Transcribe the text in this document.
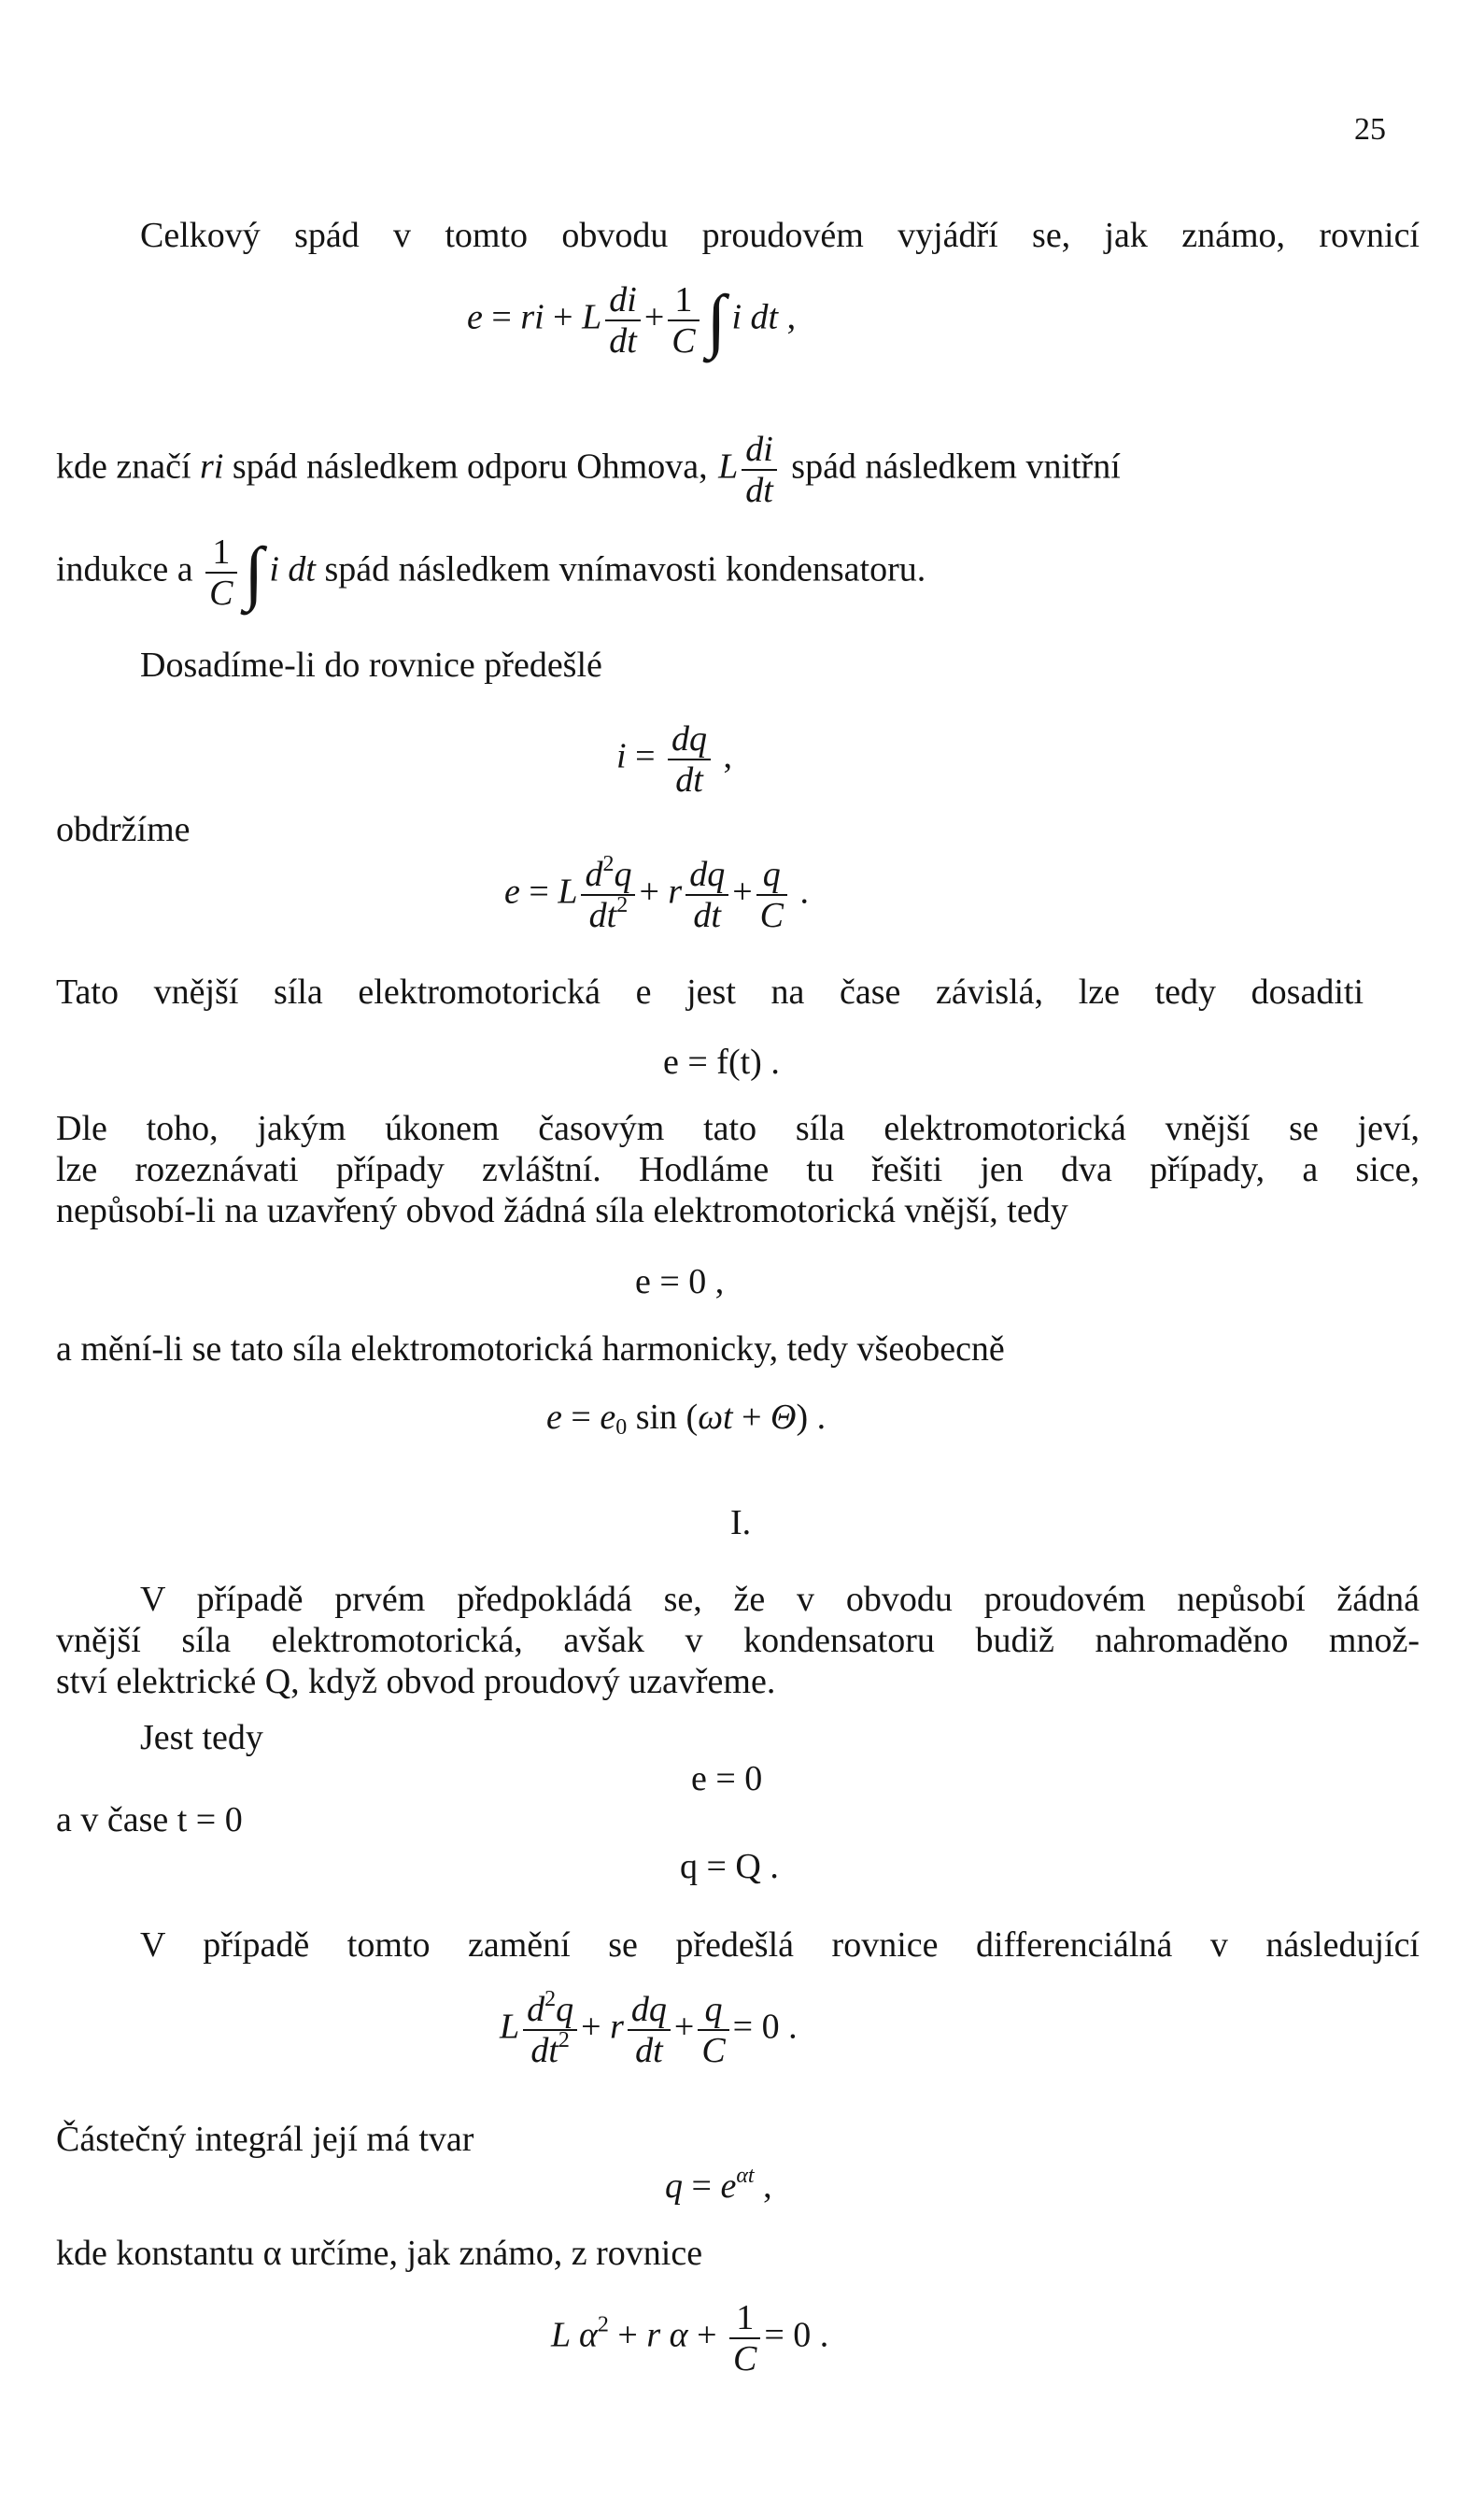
25
Celkový spád v tomto obvodu proudovém vyjádří se, jak známo, rovnicí
e = ri + L $\frac{di}{dt} + \frac{1}{C}$ ∫ i dt ,
kde značí ri spád následkem odporu Ohmova, L $\frac{di}{dt}$ spád následkem vnitřní
indukce a $\frac{1}{C}$ ∫ i dt spád následkem vnímavosti kondensatoru.
Dosadíme-li do rovnice předešlé
$i = \frac{dq}{dt}$ ,
obdržíme
e = L $\frac{d^2q}{dt^2} + r \frac{dq}{dt} + \frac{q}{C}$ .
Tato vnější síla elektromotorická e jest na čase závislá, lze tedy dosaditi
e = f(t) .
Dle toho, jakým úkonem časovým tato síla elektromotorická vnější se jeví,
lze rozeznávati případy zvláštní. Hodláme tu řešiti jen dva případy, a sice,
nepůsobí-li na uzavřený obvod žádná síla elektromotorická vnější, tedy
e = 0 ,
a mění-li se tato síla elektromotorická harmonicky, tedy všeobecně
$e = e_0$ sin (ωt + Θ) .
I.
V případě prvém předpokládá se, že v obvodu proudovém nepůsobí žádná
vnější síla elektromotorická, avšak v kondensatoru budiž nahromaděno množ-
ství elektrické Q, když obvod proudový uzavřeme.
Jest tedy
e = 0
a v čase t = 0
q = Q .
V případě tomto zamění se předešlá rovnice differenciálná v následující
L $\frac{d^2q}{dt^2} + r \frac{dq}{dt} + \frac{q}{C} = 0$ .
Částečný integrál její má tvar
$q = e^{\alpha t}$ ,
kde konstantu α určíme, jak známo, z rovnice
L $\alpha^2 + r$ $\alpha + \frac{1}{C} = 0$ .
